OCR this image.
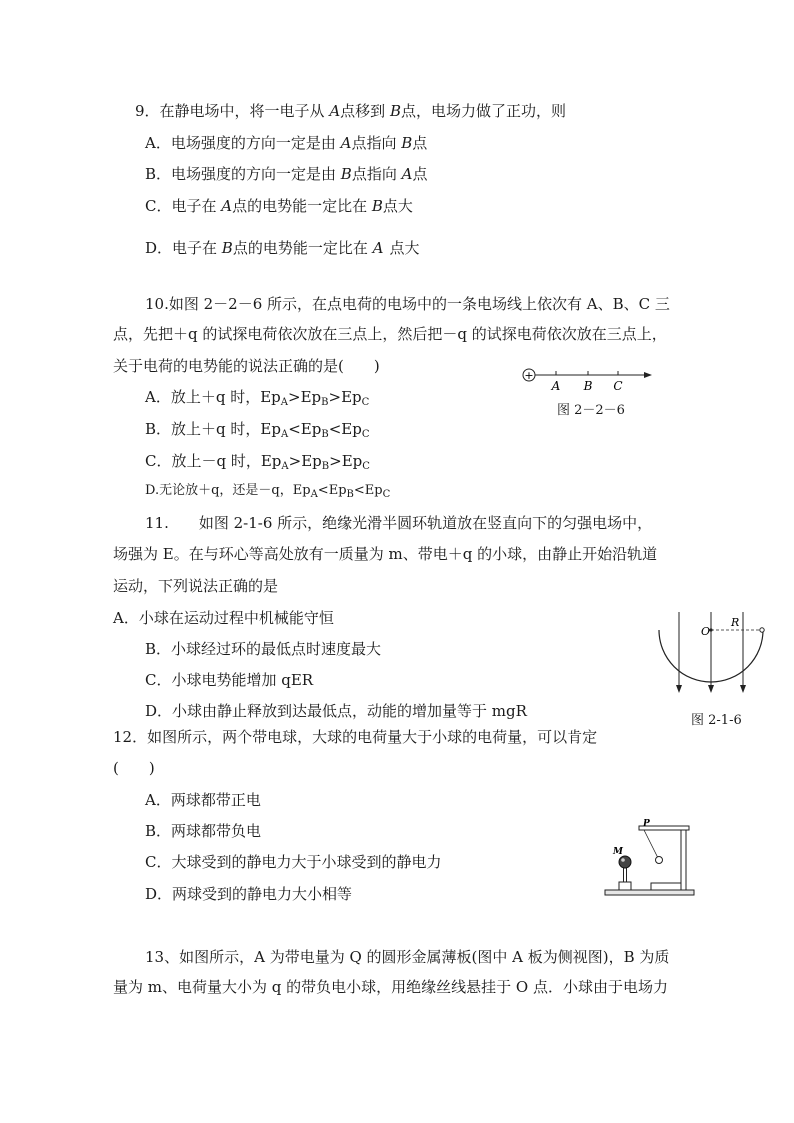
9．在静电场中，将一电子从 A点移到 B点，电场力做了正功，则
A．电场强度的方向一定是由 A点指向 B点
B．电场强度的方向一定是由 B点指向 A点
C．电子在 A点的电势能一定比在 B点大
D．电子在 B点的电势能一定比在 A 点大
10.如图 2－2－6 所示，在点电荷的电场中的一条电场线上依次有 A、B、C 三
点，先把＋q 的试探电荷依次放在三点上，然后把－q 的试探电荷依次放在三点上，
关于电荷的电势能的说法正确的是(　　)
A．放上＋q 时，$Ep_A>Ep_B>Ep_C$
B．放上＋q 时，$Ep_A<Ep_B<Ep_C$
C．放上－q 时，$Ep_A>Ep_B>Ep_C$
D.无论放＋q，还是－q，$Ep_A<Ep_B<Ep_C$
+
A B C
图 2－2－6
11.　　如图 2-1-6 所示，绝缘光滑半圆环轨道放在竖直向下的匀强电场中，
场强为 E。在与环心等高处放有一质量为 m、带电＋q 的小球，由静止开始沿轨道
运动，下列说法正确的是
A．小球在运动过程中机械能守恒
B．小球经过环的最低点时速度最大
C．小球电势能增加 qER
D．小球由静止释放到达最低点，动能的增加量等于 mgR
O
R
图 2-1-6
12．如图所示，两个带电球，大球的电荷量大于小球的电荷量，可以肯定
(　　)
A．两球都带正电
B．两球都带负电
C．大球受到的静电力大于小球受到的静电力
D．两球受到的静电力大小相等
M
P
13、如图所示，A 为带电量为 Q 的圆形金属薄板(图中 A 板为侧视图)，B 为质
量为 m、电荷量大小为 q 的带负电小球，用绝缘丝线悬挂于 O 点．小球由于电场力
